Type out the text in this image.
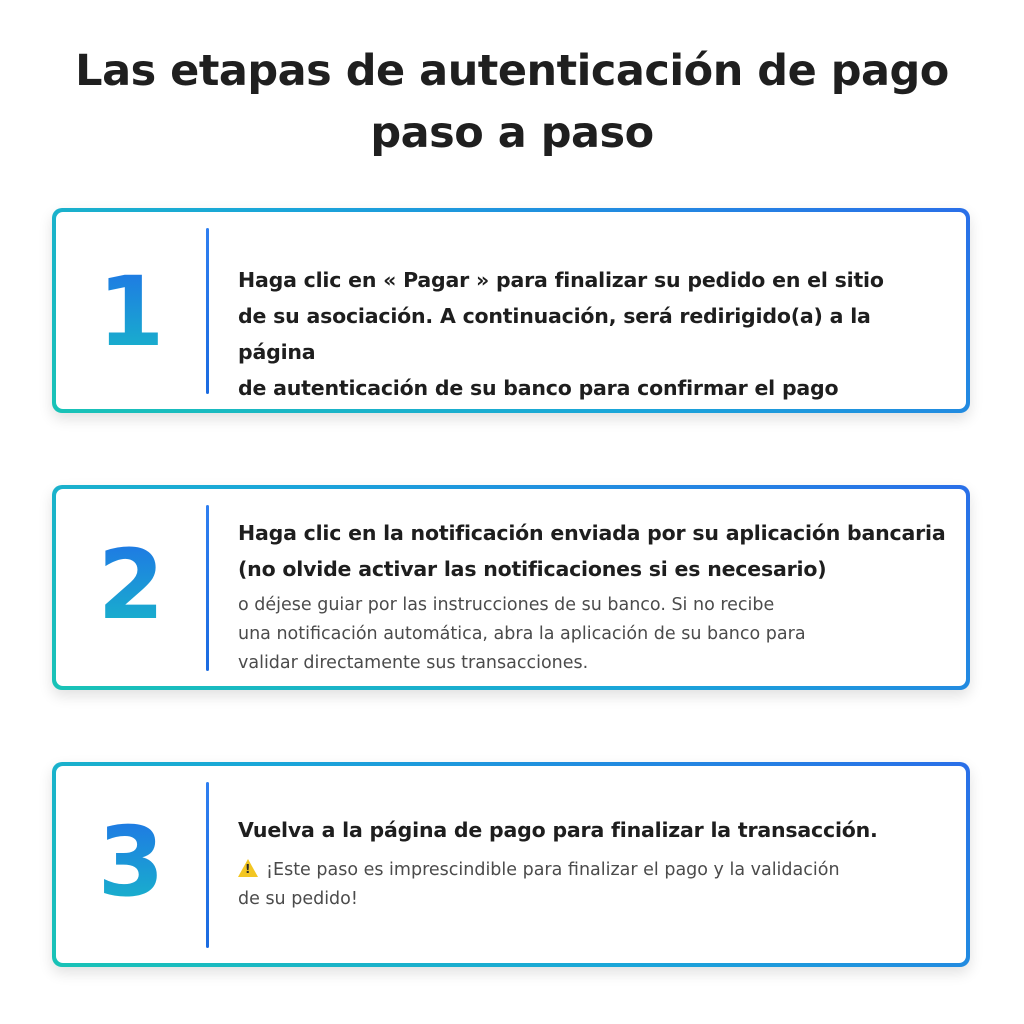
Las etapas de autenticación de pago
paso a paso
1	Haga clic en « Pagar » para finalizar su pedido en el sitio
de su asociación. A continuación, será redirigido(a) a la página
de autenticación de su banco para confirmar el pago
2	Haga clic en la notificación enviada por su aplicación bancaria
(no olvide activar las notificaciones si es necesario)
o déjese guiar por las instrucciones de su banco. Si no recibe
una notificación automática, abra la aplicación de su banco para
validar directamente sus transacciones.
3	Vuelva a la página de pago para finalizar la transacción.
!¡Este paso es imprescindible para finalizar el pago y la validación
de su pedido!
